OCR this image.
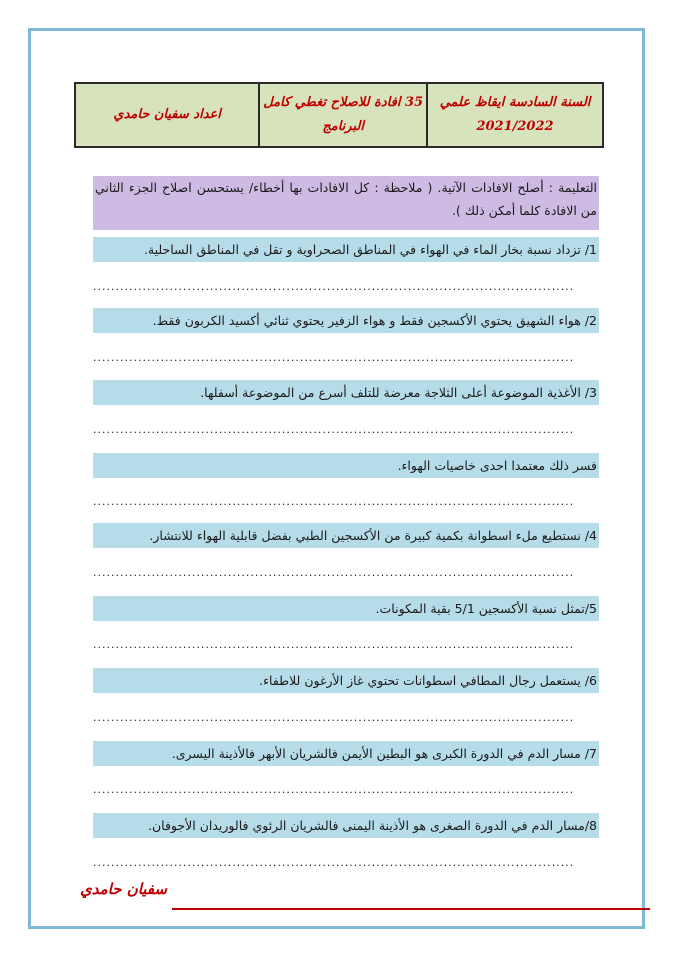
السنة السادسة ايقاظ علمي
2021/2022
35 افادة للاصلاح تغطي كامل
البرنامج
اعداد سفيان حامدي
التعليمة : أصلح الافادات الآتية. ( ملاحظة : كل الافادات بها أخطاء/ يستحسن اصلاح الجزء الثاني من الافادة كلما أمكن ذلك ).
1/ تزداد نسبة بخار الماء في الهواء في المناطق الصحراوية و تقل في المناطق الساحلية.
...........................................................................................................
2/ هواء الشهيق يحتوي الأكسجين فقط و هواء الزفير يحتوي ثنائي أكسيد الكربون فقط.
...........................................................................................................
3/ الأغذية الموضوعة أعلى الثلاجة معرضة للتلف أسرع من الموضوعة أسفلها.
...........................................................................................................
فسر ذلك معتمدا احدى خاصيات الهواء.
...........................................................................................................
4/ نستطيع ملء اسطوانة بكمية كبيرة من الأكسجين الطبي بفضل قابلية الهواء للانتشار.
...........................................................................................................
5/تمثل نسبة الأكسجين 5/1 بقية المكونات.
...........................................................................................................
6/ يستعمل رجال المطافي اسطوانات تحتوي غاز الأرغون للاطفاء.
...........................................................................................................
7/ مسار الدم في الدورة الكبرى هو البطين الأيمن فالشريان الأبهر فالأذينة اليسرى.
...........................................................................................................
8/مسار الدم في الدورة الصغرى هو الأذينة اليمنى فالشريان الرئوي فالوريدان الأجوفان.
...........................................................................................................
سفيان حامدي
